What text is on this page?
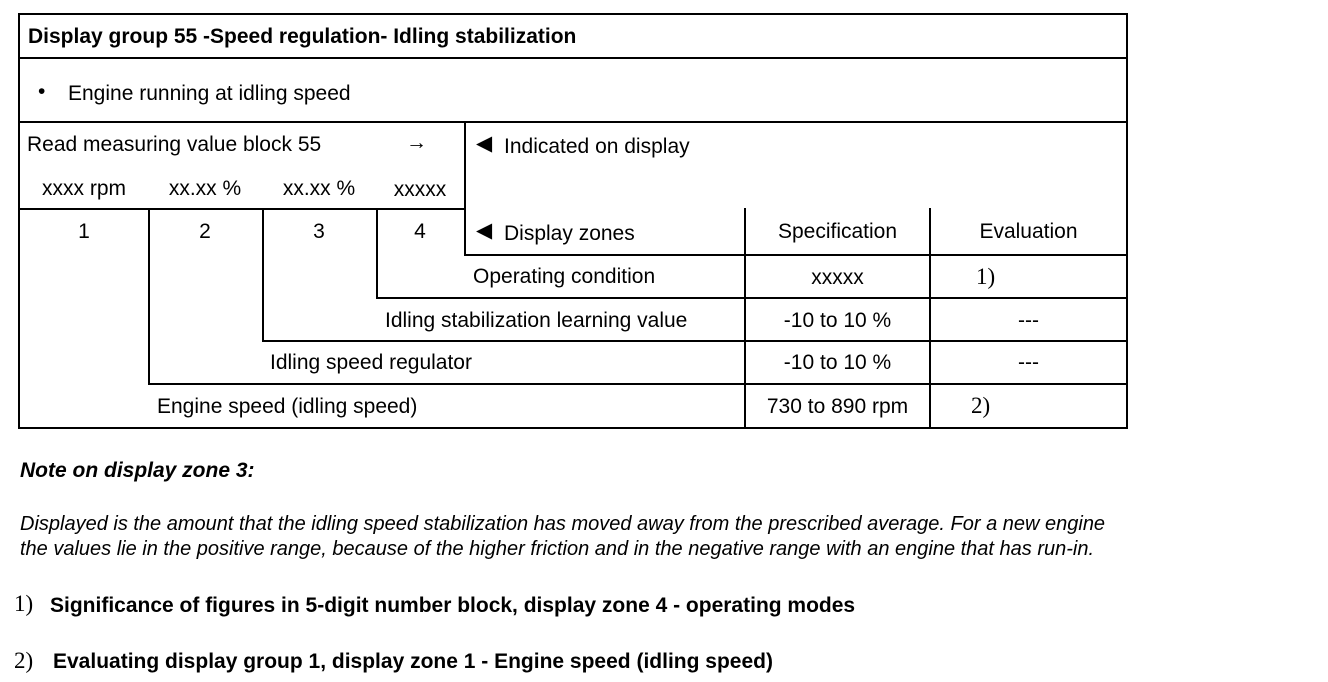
Display group 55 -Speed regulation- Idling stabilization
• Engine running at idling speed
Read measuring value block 55	→ ◀ Indicated on display
xxxx rpm	xx.xx %	xx.xx %	xxxxx
1	2	3	4	◀ Display zones	Specification	Evaluation
Operating condition	xxxxx	1)
Idling stabilization learning value	-10 to 10 %	---
Idling speed regulator	-10 to 10 %	---
Engine speed (idling speed)	730 to 890 rpm	2)
Note on display zone 3:
Displayed is the amount that the idling speed stabilization has moved away from the prescribed average. For a new engine
the values lie in the positive range, because of the higher friction and in the negative range with an engine that has run-in.
1) Significance of figures in 5-digit number block, display zone 4 - operating modes
2) Evaluating display group 1, display zone 1 - Engine speed (idling speed)
